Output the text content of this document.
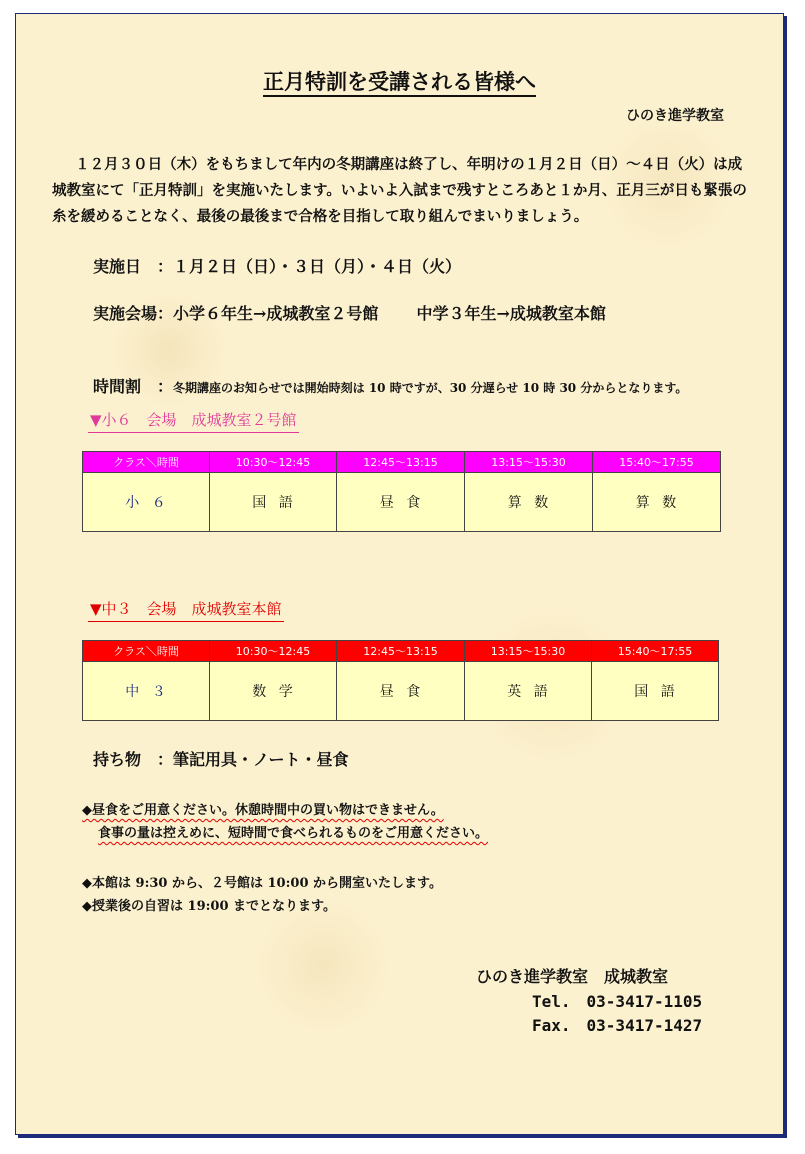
正月特訓を受講される皆様へ
ひのき進学教室
１２月３０日（木）をもちまして年内の冬期講座は終了し、年明けの１月２日（日）～４日（火）は成城教室にて「正月特訓」を実施いたします。いよいよ入試まで残すところあと１か月、正月三が日も緊張の糸を緩めることなく、最後の最後まで合格を目指して取り組んでまいりましょう。
実施日　：１月２日（日）・３日（月）・４日（火）
実施会場：小学６年生→成城教室２号館 中学３年生→成城教室本館
時間割　：冬期講座のお知らせでは開始時刻は 10 時ですが、30 分遅らせ 10 時 30 分からとなります。
▼小６　会場　成城教室２号館
クラス＼時間	10:30～12:45	12:45～13:15	13:15～15:30	15:40～17:55
小６	国語	昼食	算数	算数
▼中３　会場　成城教室本館
クラス＼時間	10:30～12:45	12:45～13:15	13:15～15:30	15:40～17:55
中３	数学	昼食	英語	国語
持ち物　：筆記用具・ノート・昼食
◆昼食をご用意ください。休憩時間中の買い物はできません。
食事の量は控えめに、短時間で食べられるものをご用意ください。
◆本館は 9:30 から、２号館は 10:00 から開室いたします。
◆授業後の自習は 19:00 までとなります。
ひのき進学教室　成城教室
Tel.　03-3417-1105
Fax.　03-3417-1427
